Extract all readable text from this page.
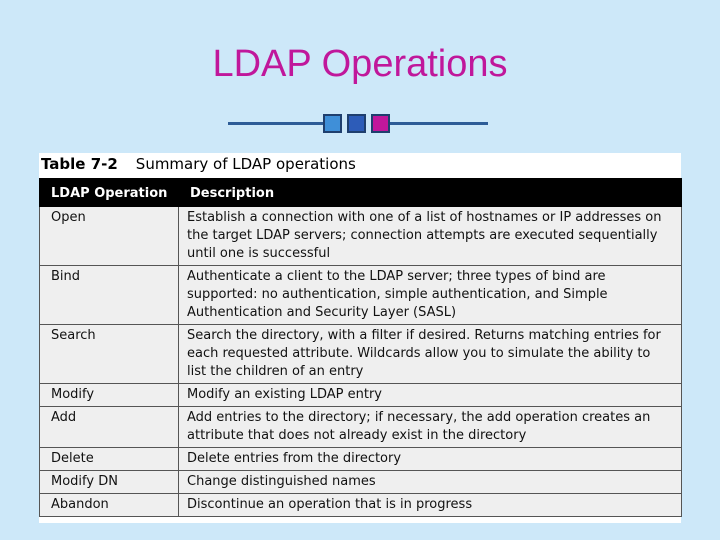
LDAP Operations
Table 7-2 Summary of LDAP operations
LDAP Operation	Description
Open	Establish a connection with one of a list of hostnames or IP addresses on the target LDAP servers; connection attempts are executed sequentially until one is successful
Bind	Authenticate a client to the LDAP server; three types of bind are supported: no authentication, simple authentication, and Simple Authentication and Security Layer (SASL)
Search	Search the directory, with a filter if desired. Returns matching entries for each requested attribute. Wildcards allow you to simulate the ability to list the children of an entry
Modify	Modify an existing LDAP entry
Add	Add entries to the directory; if necessary, the add operation creates an attribute that does not already exist in the directory
Delete	Delete entries from the directory
Modify DN	Change distinguished names
Abandon	Discontinue an operation that is in progress
